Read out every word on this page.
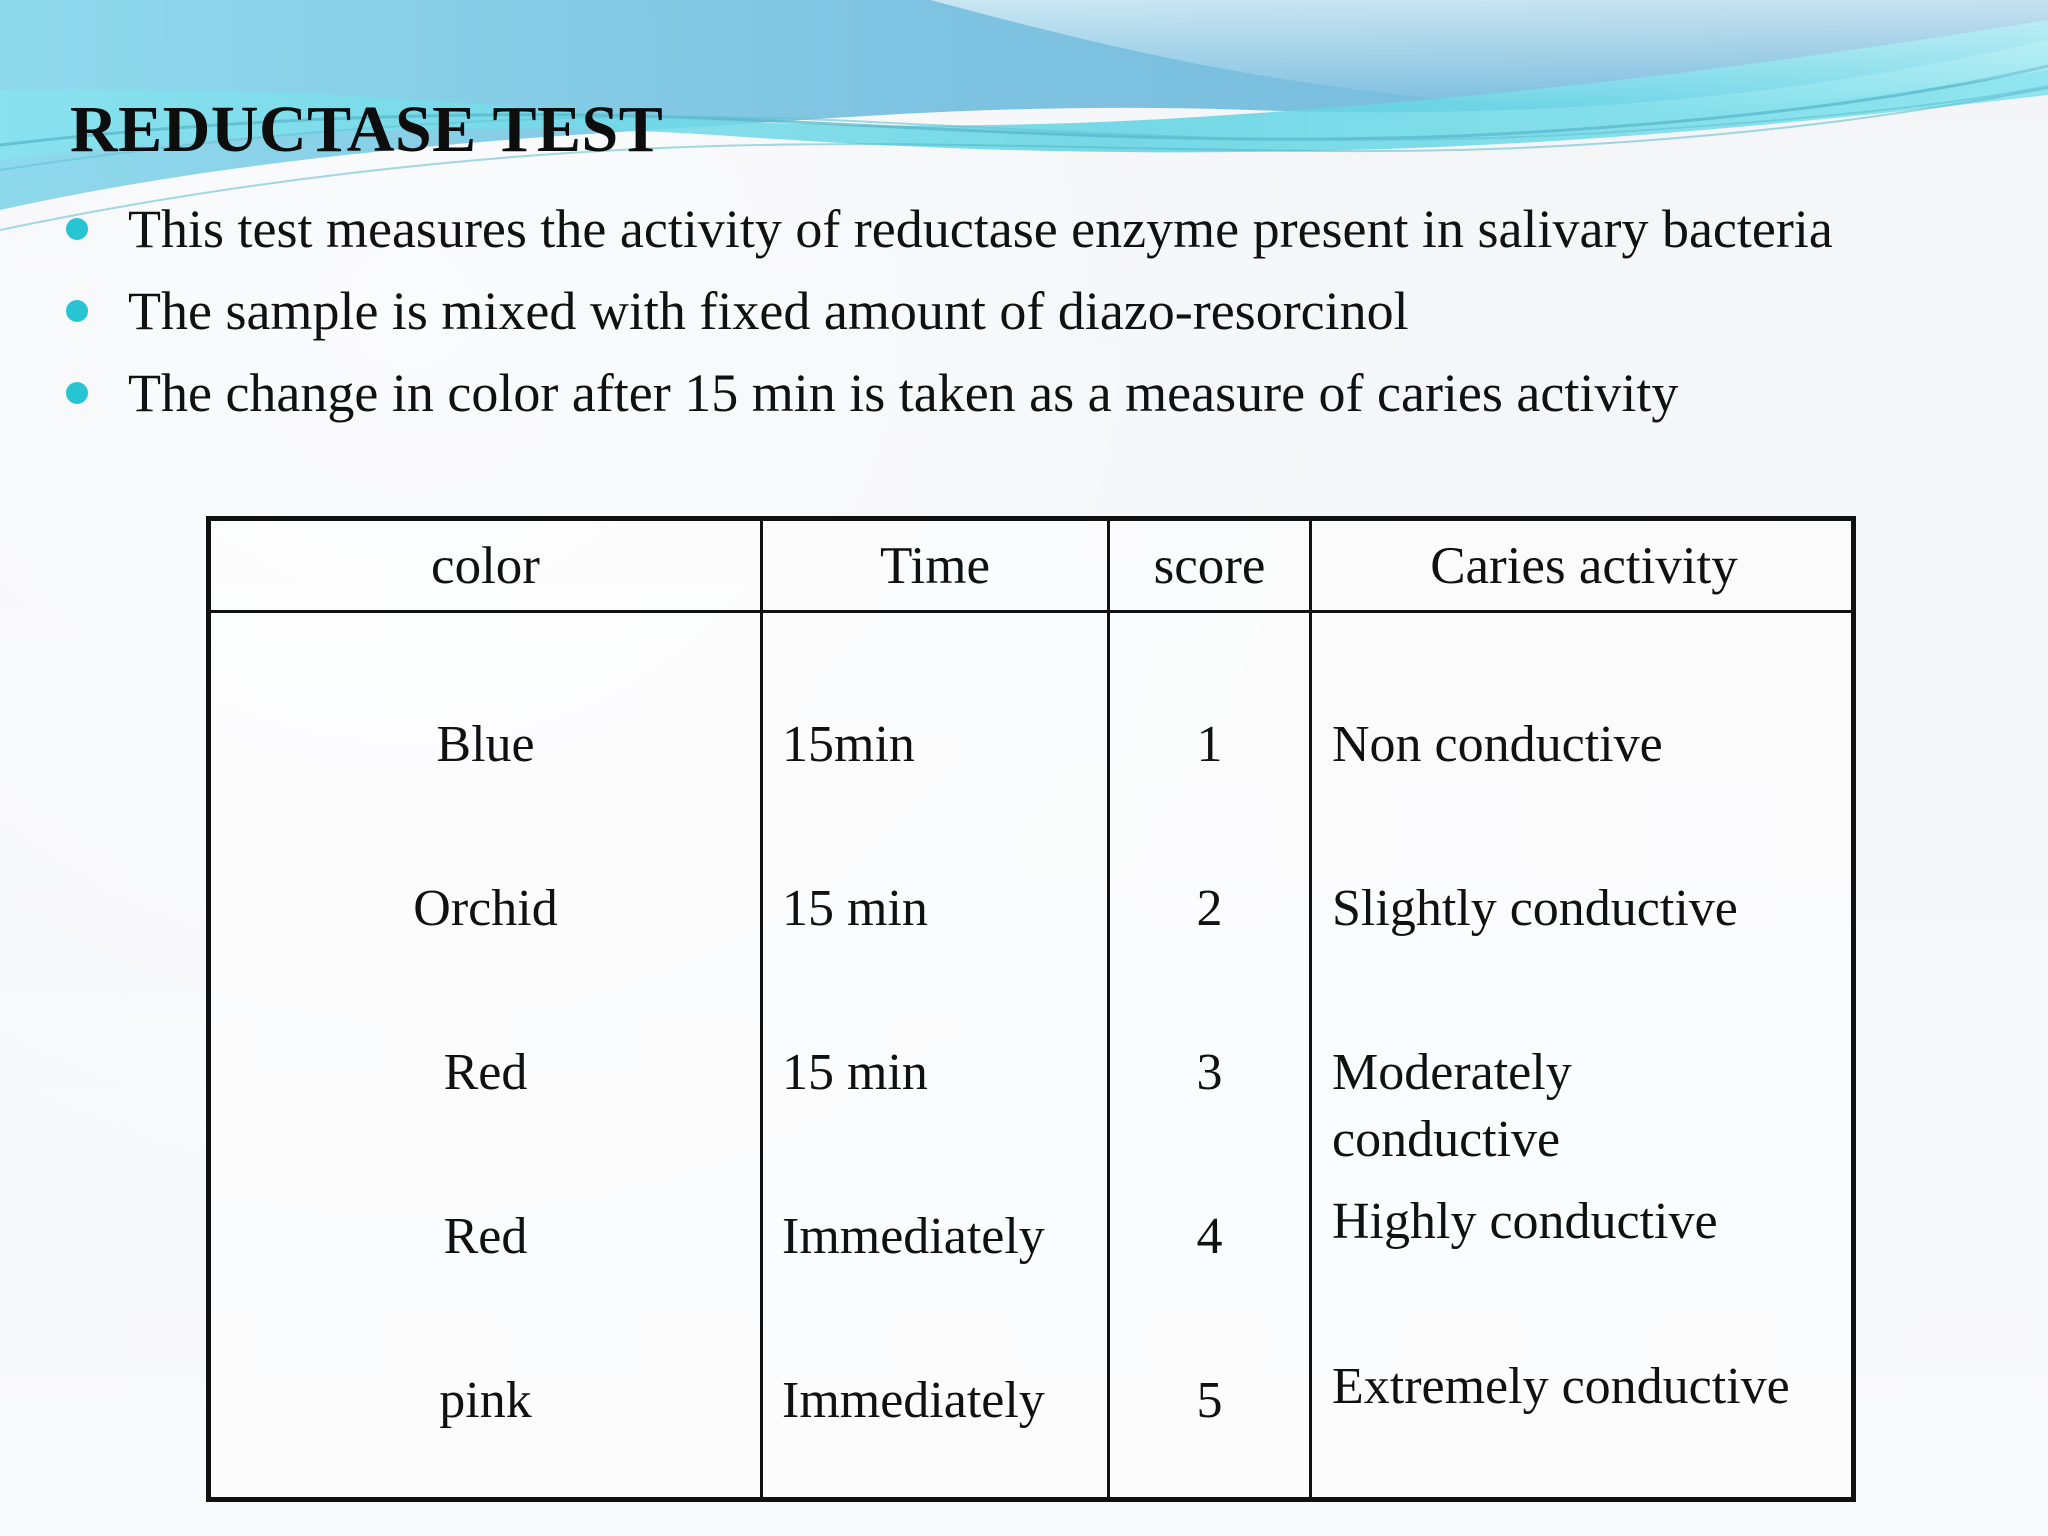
REDUCTASE TEST
This test measures the activity of reductase enzyme present in salivary bacteria
The sample is mixed with fixed amount of diazo-resorcinol
The change in color after 15 min is taken as a measure of caries activity
color	Time	score	Caries activity
Blue	15min	1	Non conductive
Orchid	15 min	2	Slightly conductive
Red	15 min	3	Moderately conductive
Red	Immediately	4	Highly conductive
pink	Immediately	5	Extremely conductive
